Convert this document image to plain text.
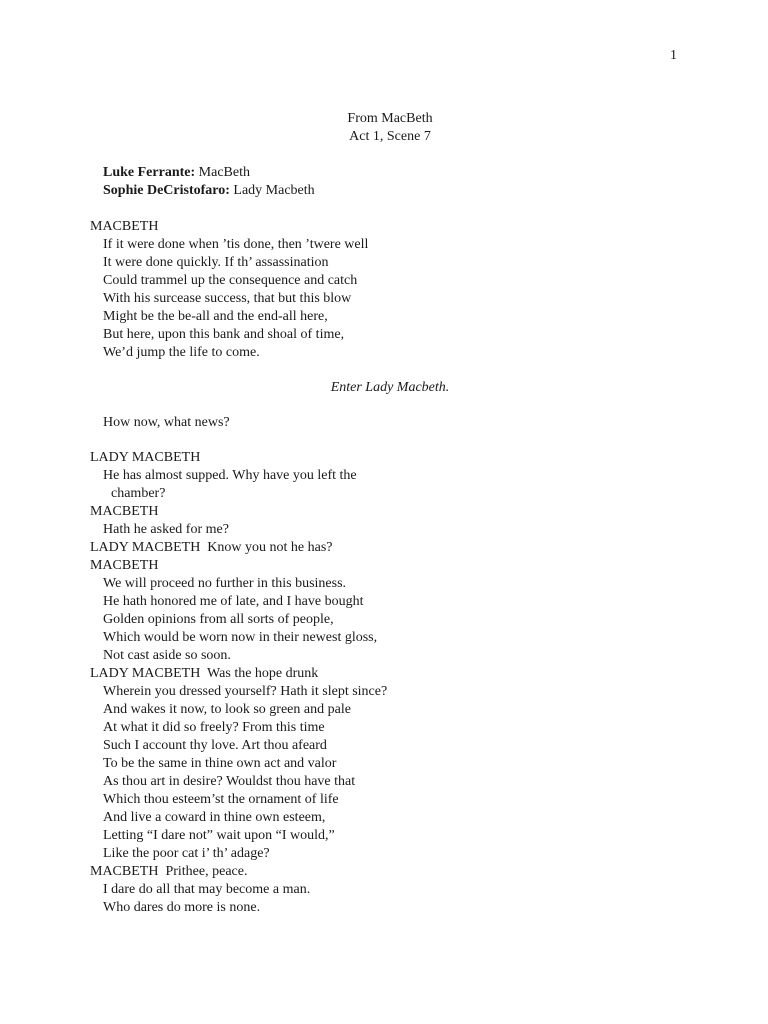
1
From MacBeth
Act 1, Scene 7
Luke Ferrante: MacBeth
Sophie DeCristofaro: Lady Macbeth
MACBETH
If it were done when ’tis done, then ’twere well
It were done quickly. If th’ assassination
Could trammel up the consequence and catch
With his surcease success, that but this blow
Might be the be-all and the end-all here,
But here, upon this bank and shoal of time,
We’d jump the life to come.
Enter Lady Macbeth.
How now, what news?
LADY MACBETH
He has almost supped. Why have you left the
chamber?
MACBETH
Hath he asked for me?
LADY MACBETH  Know you not he has?
MACBETH
We will proceed no further in this business.
He hath honored me of late, and I have bought
Golden opinions from all sorts of people,
Which would be worn now in their newest gloss,
Not cast aside so soon.
LADY MACBETH  Was the hope drunk
Wherein you dressed yourself? Hath it slept since?
And wakes it now, to look so green and pale
At what it did so freely? From this time
Such I account thy love. Art thou afeard
To be the same in thine own act and valor
As thou art in desire? Wouldst thou have that
Which thou esteem’st the ornament of life
And live a coward in thine own esteem,
Letting “I dare not” wait upon “I would,”
Like the poor cat i’ th’ adage?
MACBETH  Prithee, peace.
I dare do all that may become a man.
Who dares do more is none.
